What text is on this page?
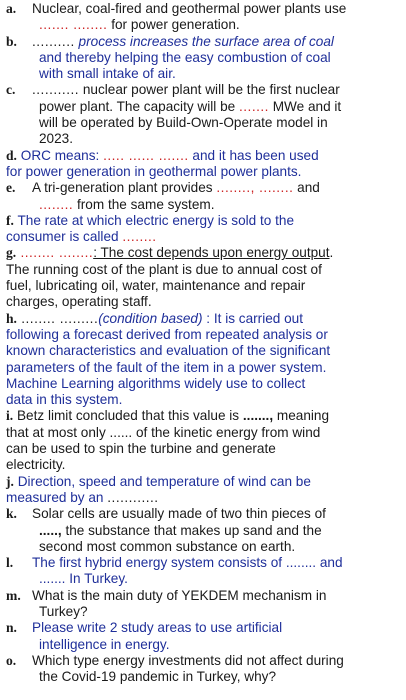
a. Nuclear, coal-fired and geothermal power plants use
....... ........ for power generation.
b. .......... process increases the surface area of coal
and thereby helping the easy combustion of coal
with small intake of air.
c. ........... nuclear power plant will be the first nuclear
power plant. The capacity will be ....... MWe and it
will be operated by Build-Own-Operate model in
2023.
d. ORC means: ..... ...... ....... and it has been used
for power generation in geothermal power plants.
e. A tri-generation plant provides ........, ........ and
........ from the same system.
f. The rate at which electric energy is sold to the
consumer is called ........
g. ........ ........: The cost depends upon energy output.
The running cost of the plant is due to annual cost of
fuel, lubricating oil, water, maintenance and repair
charges, operating staff.
h. ........ .........(condition based) : It is carried out
following a forecast derived from repeated analysis or
known characteristics and evaluation of the significant
parameters of the fault of the item in a power system.
Machine Learning algorithms widely use to collect
data in this system.
i. Betz limit concluded that this value is ......., meaning
that at most only ...... of the kinetic energy from wind
can be used to spin the turbine and generate
electricity.
j. Direction, speed and temperature of wind can be
measured by an ............
k. Solar cells are usually made of two thin pieces of
....., the substance that makes up sand and the
second most common substance on earth.
l. The first hybrid energy system consists of ........ and
....... In Turkey.
m. What is the main duty of YEKDEM mechanism in
Turkey?
n. Please write 2 study areas to use artificial
intelligence in energy.
o. Which type energy investments did not affect during
the Covid-19 pandemic in Turkey, why?
